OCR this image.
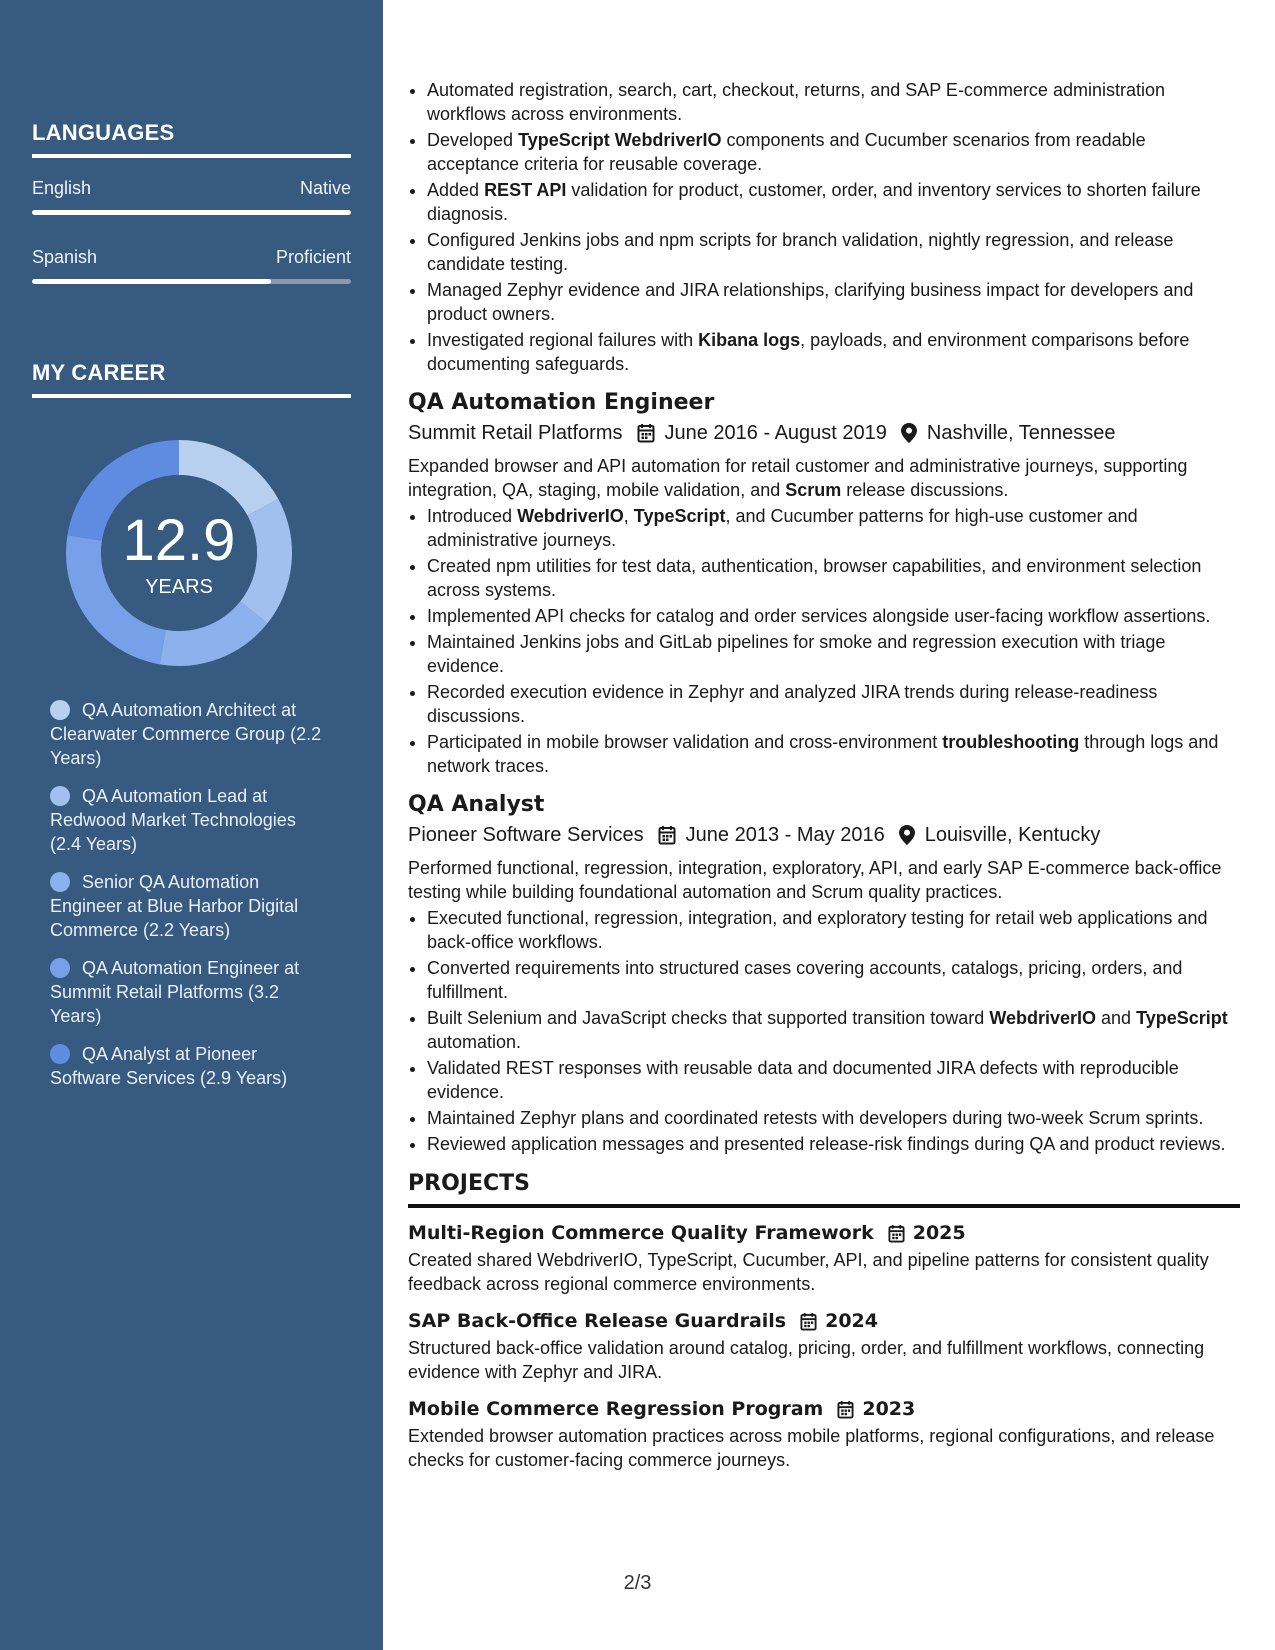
LANGUAGES
English	Native
Spanish	Proficient
MY CAREER
12.9
YEARS
QA Automation Architect at Clearwater Commerce Group (2.2 Years)
QA Automation Lead at Redwood Market Technologies (2.4 Years)
Senior QA Automation Engineer at Blue Harbor Digital Commerce (2.2 Years)
QA Automation Engineer at Summit Retail Platforms (3.2 Years)
QA Analyst at Pioneer Software Services (2.9 Years)
• Automated registration, search, cart, checkout, returns, and SAP E-commerce administration workflows across environments.
• Developed TypeScript WebdriverIO components and Cucumber scenarios from readable acceptance criteria for reusable coverage.
• Added REST API validation for product, customer, order, and inventory services to shorten failure diagnosis.
• Configured Jenkins jobs and npm scripts for branch validation, nightly regression, and release candidate testing.
• Managed Zephyr evidence and JIRA relationships, clarifying business impact for developers and product owners.
• Investigated regional failures with Kibana logs, payloads, and environment comparisons before documenting safeguards.
QA Automation Engineer
Summit Retail Platforms June 2016 - August 2019 Nashville, Tennessee
Expanded browser and API automation for retail customer and administrative journeys, supporting integration, QA, staging, mobile validation, and Scrum release discussions.
• Introduced WebdriverIO, TypeScript, and Cucumber patterns for high-use customer and administrative journeys.
• Created npm utilities for test data, authentication, browser capabilities, and environment selection across systems.
• Implemented API checks for catalog and order services alongside user-facing workflow assertions.
• Maintained Jenkins jobs and GitLab pipelines for smoke and regression execution with triage evidence.
• Recorded execution evidence in Zephyr and analyzed JIRA trends during release-readiness discussions.
• Participated in mobile browser validation and cross-environment troubleshooting through logs and network traces.
QA Analyst
Pioneer Software Services June 2013 - May 2016 Louisville, Kentucky
Performed functional, regression, integration, exploratory, API, and early SAP E-commerce back-office testing while building foundational automation and Scrum quality practices.
• Executed functional, regression, integration, and exploratory testing for retail web applications and back-office workflows.
• Converted requirements into structured cases covering accounts, catalogs, pricing, orders, and fulfillment.
• Built Selenium and JavaScript checks that supported transition toward WebdriverIO and TypeScript automation.
• Validated REST responses with reusable data and documented JIRA defects with reproducible evidence.
• Maintained Zephyr plans and coordinated retests with developers during two-week Scrum sprints.
• Reviewed application messages and presented release-risk findings during QA and product reviews.
PROJECTS
Multi-Region Commerce Quality Framework 2025
Created shared WebdriverIO, TypeScript, Cucumber, API, and pipeline patterns for consistent quality feedback across regional commerce environments.
SAP Back-Office Release Guardrails 2024
Structured back-office validation around catalog, pricing, order, and fulfillment workflows, connecting evidence with Zephyr and JIRA.
Mobile Commerce Regression Program 2023
Extended browser automation practices across mobile platforms, regional configurations, and release checks for customer-facing commerce journeys.
2/3
